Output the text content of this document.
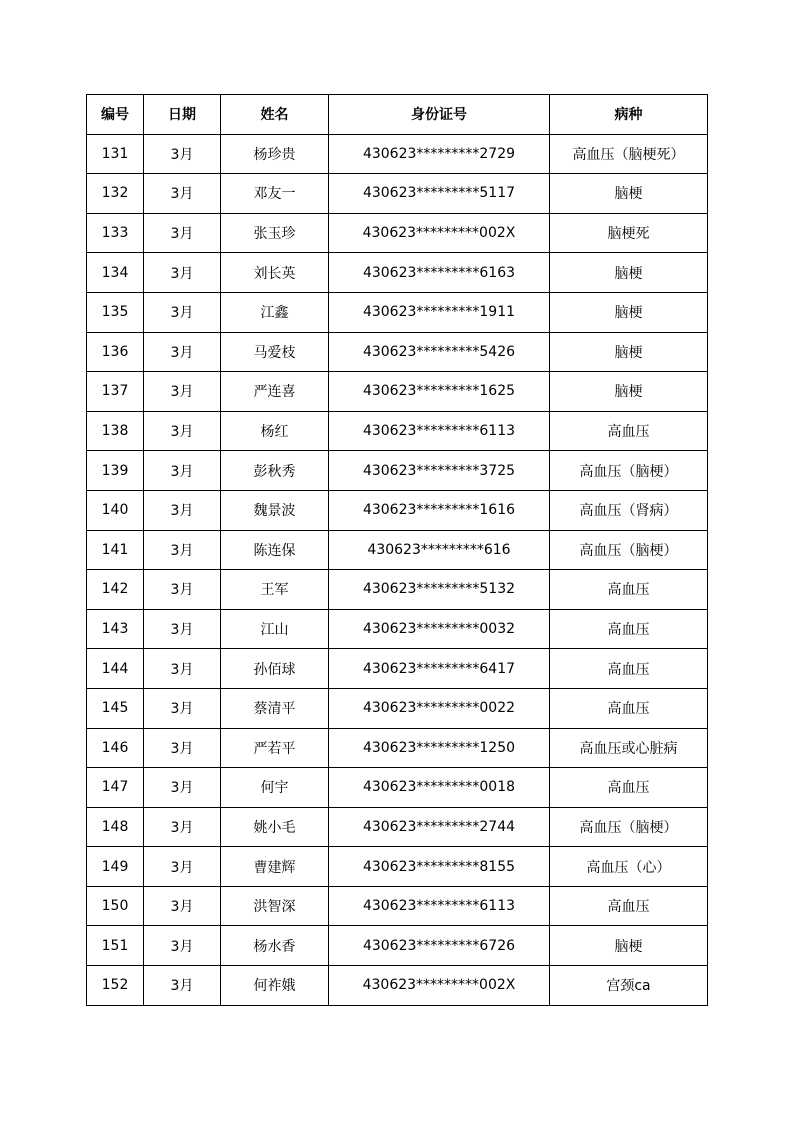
编号	日期	姓名	身份证号	病种
131	3月	杨珍贵	430623*********2729	高血压（脑梗死）
132	3月	邓友一	430623*********5117	脑梗
133	3月	张玉珍	430623*********002X	脑梗死
134	3月	刘长英	430623*********6163	脑梗
135	3月	江鑫	430623*********1911	脑梗
136	3月	马爱枝	430623*********5426	脑梗
137	3月	严连喜	430623*********1625	脑梗
138	3月	杨红	430623*********6113	高血压
139	3月	彭秋秀	430623*********3725	高血压（脑梗）
140	3月	魏景波	430623*********1616	高血压（肾病）
141	3月	陈连保	430623*********616	高血压（脑梗）
142	3月	王军	430623*********5132	高血压
143	3月	江山	430623*********0032	高血压
144	3月	孙佰球	430623*********6417	高血压
145	3月	蔡清平	430623*********0022	高血压
146	3月	严若平	430623*********1250	高血压或心脏病
147	3月	何宇	430623*********0018	高血压
148	3月	姚小毛	430623*********2744	高血压（脑梗）
149	3月	曹建辉	430623*********8155	高血压（心）
150	3月	洪智深	430623*********6113	高血压
151	3月	杨水香	430623*********6726	脑梗
152	3月	何祚娥	430623*********002X	宫颈ca
